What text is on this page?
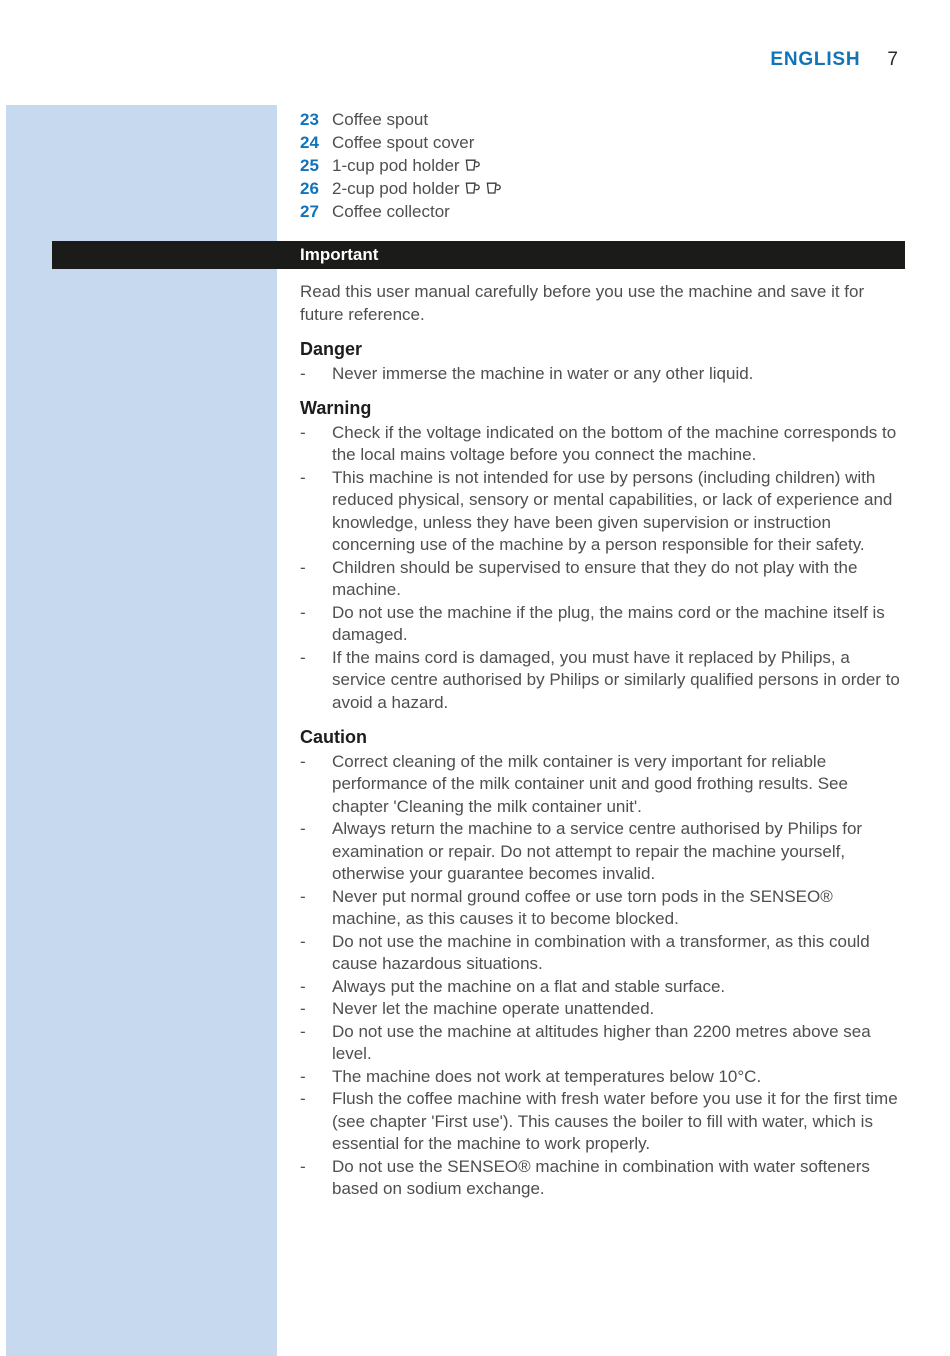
ENGLISH 7
23 Coffee spout
24 Coffee spout cover
25 1-cup pod holder
26 2-cup pod holder
27 Coffee collector
Important

Read this user manual carefully before you use the machine and save it for future reference.

Danger
-	Never immerse the machine in water or any other liquid.
Warning
-	Check if the voltage indicated on the bottom of the machine corresponds to the local mains voltage before you connect the machine.
-	This machine is not intended for use by persons (including children) with reduced physical, sensory or mental capabilities, or lack of experience and knowledge, unless they have been given supervision or instruction concerning use of the machine by a person responsible for their safety.
-	Children should be supervised to ensure that they do not play with the machine.
-	Do not use the machine if the plug, the mains cord or the machine itself is damaged.
-	If the mains cord is damaged, you must have it replaced by Philips, a service centre authorised by Philips or similarly qualified persons in order to avoid a hazard.
Caution
-	Correct cleaning of the milk container is very important for reliable performance of the milk container unit and good frothing results. See chapter 'Cleaning the milk container unit'.
-	Always return the machine to a service centre authorised by Philips for examination or repair. Do not attempt to repair the machine yourself, otherwise your guarantee becomes invalid.
-	Never put normal ground coffee or use torn pods in the SENSEO® machine, as this causes it to become blocked.
-	Do not use the machine in combination with a transformer, as this could cause hazardous situations.
-	Always put the machine on a flat and stable surface.
-	Never let the machine operate unattended.
-	Do not use the machine at altitudes higher than 2200 metres above sea level.
-	The machine does not work at temperatures below 10°C.
-	Flush the coffee machine with fresh water before you use it for the first time (see chapter 'First use'). This causes the boiler to fill with water, which is essential for the machine to work properly.
-	Do not use the SENSEO® machine in combination with water softeners based on sodium exchange.
